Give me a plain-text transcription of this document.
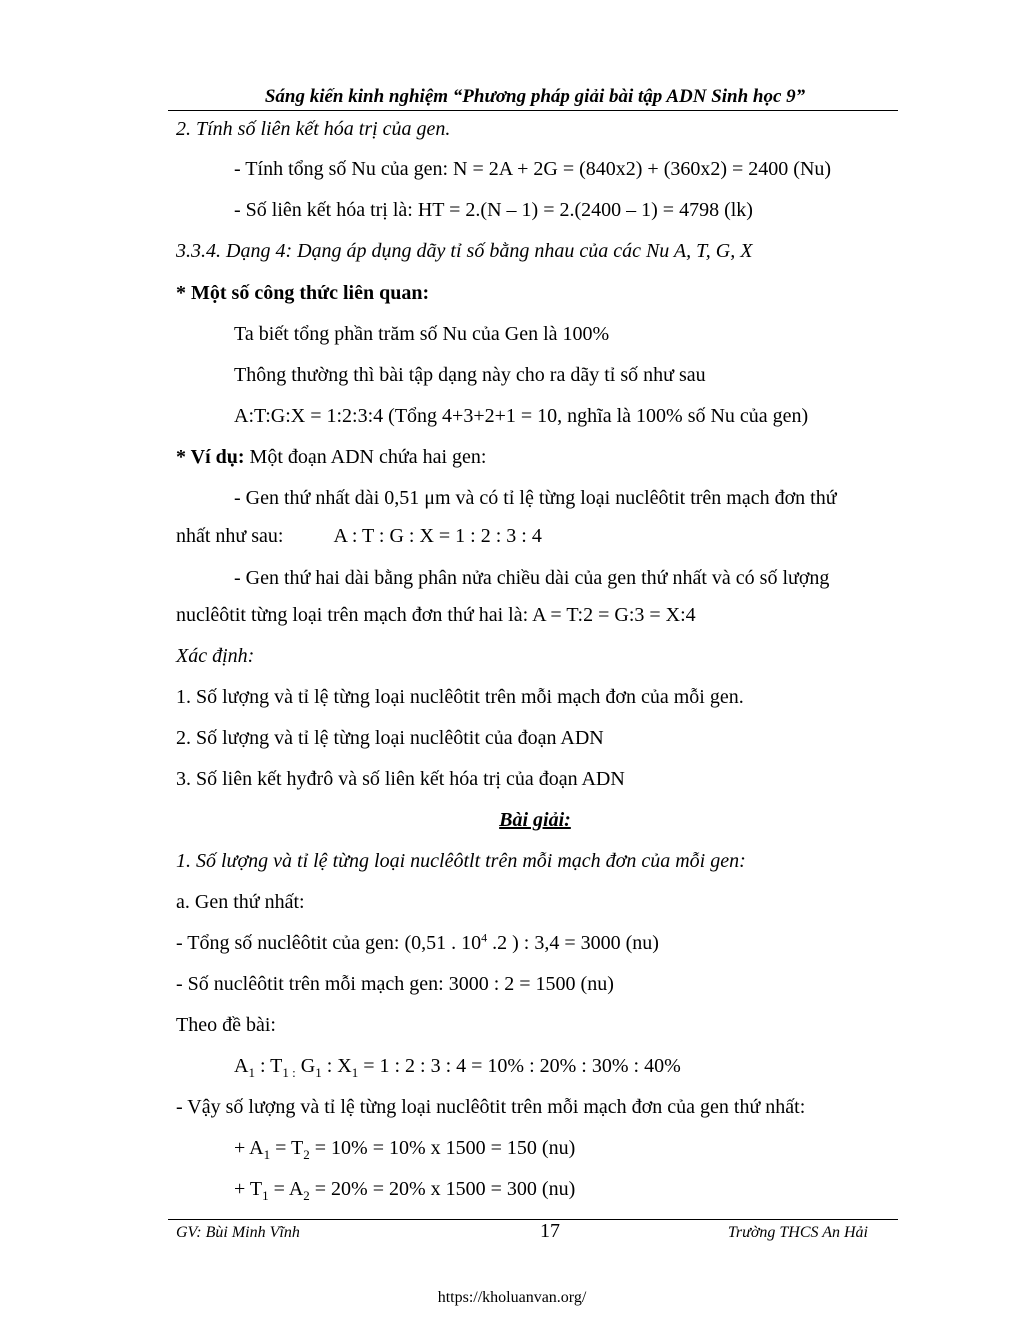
Sáng kiến kinh nghiệm “Phương pháp giải bài tập ADN Sinh học 9”
2. Tính số liên kết hóa trị của gen.
- Tính tổng số Nu của gen: N = 2A + 2G = (840x2) + (360x2) = 2400 (Nu)
- Số liên kết hóa trị là: HT = 2.(N – 1) = 2.(2400 – 1) = 4798 (lk)
3.3.4. Dạng 4: Dạng áp dụng dãy tỉ số bằng nhau của các Nu A, T, G, X
* Một số công thức liên quan:
Ta biết tổng phần trăm số Nu của Gen là 100%
Thông thường thì bài tập dạng này cho ra dãy tỉ số như sau
A:T:G:X = 1:2:3:4 (Tổng 4+3+2+1 = 10, nghĩa là 100% số Nu của gen)
* Ví dụ: Một đoạn ADN chứa hai gen:
- Gen thứ nhất dài 0,51 μm và có tỉ lệ từng loại nuclêôtit trên mạch đơn thứ
nhất như sau:	A : T : G : X = 1 : 2 : 3 : 4
- Gen thứ hai dài bằng phân nửa chiều dài của gen thứ nhất và có số lượng
nuclêôtit từng loại trên mạch đơn thứ hai là: A = T:2 = G:3 = X:4
Xác định:
1. Số lượng và tỉ lệ từng loại nuclêôtit trên mỗi mạch đơn của mỗi gen.
2. Số lượng và tỉ lệ từng loại nuclêôtit của đoạn ADN
3. Số liên kết hyđrô và số liên kết hóa trị của đoạn ADN
Bài giải:
1. Số lượng và tỉ lệ từng loại nuclêôtlt trên mỗi mạch đơn của mỗi gen:
a. Gen thứ nhất:
- Tổng số nuclêôtit của gen: (0,51 . $10^4$ .2 ) : 3,4 = 3000 (nu)
- Số nuclêôtit trên mỗi mạch gen: 3000 : 2 = 1500 (nu)
Theo đề bài:
$A_1$ : $T_{1 :}$ $G_1$ : $X_1 = 1$ : 2 : 3 : 4 = 10% : 20% : 30% : 40%
- Vậy số lượng và tỉ lệ từng loại nuclêôtit trên mỗi mạch đơn của gen thứ nhất:
+ $A_1 = T_2 = 10\% = 10\%$ x 1500 = 150 (nu)
+ $T_1 = A_2 = 20\% = 20\%$ x 1500 = 300 (nu)
GV: Bùi Minh Vĩnh	17	Trường THCS An Hải
https://kholuanvan.org/
